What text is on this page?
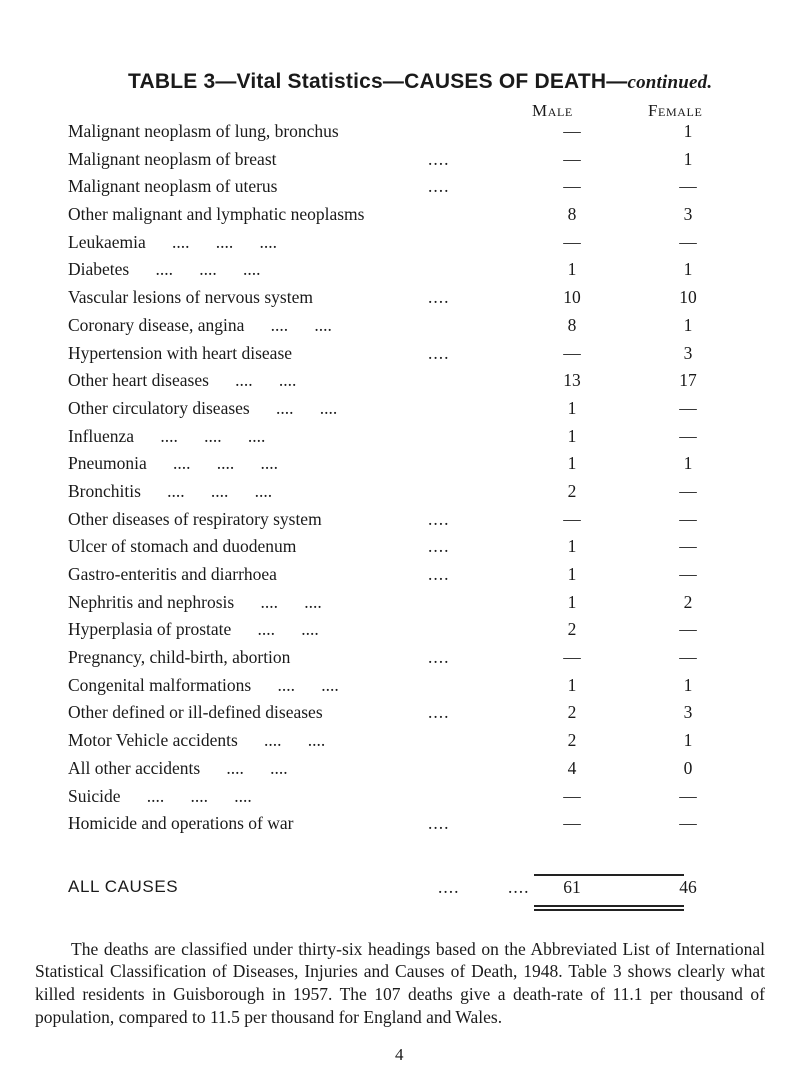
TABLE 3—Vital Statistics—CAUSES OF DEATH—continued.
Male	Female
Malignant neoplasm of lung, bronchus	—	1
Malignant neoplasm of breast	....	—	1
Malignant neoplasm of uterus	....	—	—
Other malignant and lymphatic neoplasms	8	3
Leukaemia      ....      ....      ....	—	—
Diabetes      ....      ....      ....	1	1
Vascular lesions of nervous system	....	10	10
Coronary disease, angina      ....      ....	8	1
Hypertension with heart disease	....	—	3
Other heart diseases      ....      ....	13	17
Other circulatory diseases      ....      ....	1	—
Influenza      ....      ....      ....	1	—
Pneumonia      ....      ....      ....	1	1
Bronchitis      ....      ....      ....	2	—
Other diseases of respiratory system	....	—	—
Ulcer of stomach and duodenum	....	1	—
Gastro-enteritis and diarrhoea	....	1	—
Nephritis and nephrosis      ....      ....	1	2
Hyperplasia of prostate      ....      ....	2	—
Pregnancy, child-birth, abortion	....	—	—
Congenital malformations      ....      ....	1	1
Other defined or ill-defined diseases	....	2	3
Motor Vehicle accidents      ....      ....	2	1
All other accidents      ....      ....	4	0
Suicide      ....      ....      ....	—	—
Homicide and operations of war	....	—	—
ALL CAUSES	....	....	61	46

The deaths are classified under thirty-six headings based on the Abbreviated List of International Statistical Classification of Diseases, Injuries and Causes of Death, 1948. Table 3 shows clearly what killed residents in Guisborough in 1957. The 107 deaths give a death-rate of 11.1 per thousand of population, compared to 11.5 per thousand for England and Wales.

4
